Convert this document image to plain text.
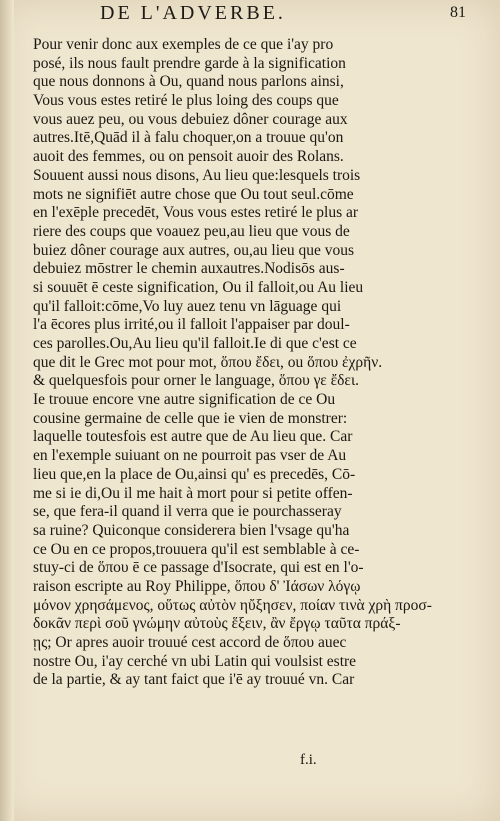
DE L'ADVERBE.	81
Pour venir donc aux exemples de ce que i'ay pro
posé, ils nous fault prendre garde à la signification
que nous donnons à Ou, quand nous parlons ainsi,
Vous vous estes retiré le plus loing des coups que
vous auez peu, ou vous debuiez dôner courage aux
autres.Itē,Quād il à falu choquer,on a trouue qu'on
auoit des femmes, ou on pensoit auoir des Rolans.
Souuent aussi nous disons, Au lieu que:lesquels trois
mots ne signifiēt autre chose que Ou tout seul.cōme
en l'exēple precedēt, Vous vous estes retiré le plus ar
riere des coups que voauez peu,au lieu que vous de
buiez dôner courage aux autres, ou,au lieu que vous
debuiez mōstrer le chemin auxautres.Nodisōs aus-
si souuēt ē ceste signification, Ou il falloit,ou Au lieu
qu'il falloit:cōme,Vo luy auez tenu vn lāguage qui
l'a ēcores plus irrité,ou il falloit l'appaiser par doul-
ces parolles.Ou,Au lieu qu'il falloit.Ie di que c'est ce
que dit le Grec mot pour mot, ὅπου ἔδει, ou ὅπου ἐχρῆν.
& quelquesfois pour orner le language, ὅπου γε ἔδει.
Ie trouue encore vne autre signification de ce Ou
cousine germaine de celle que ie vien de monstrer:
laquelle toutesfois est autre que de Au lieu que. Car
en l'exemple suiuant on ne pourroit pas vser de Au
lieu que,en la place de Ou,ainsi qu' es precedēs, Cō-
me si ie di,Ou il me hait à mort pour si petite offen-
se, que fera-il quand il verra que ie pourchasseray
sa ruine? Quiconque considerera bien l'vsage qu'ha
ce Ou en ce propos,trouuera qu'il est semblable à ce-
stuy-ci de ὅπου ē ce passage d'Isocrate, qui est en l'o-
raison escripte au Roy Philippe, ὅπου δ' Ἰάσων λόγῳ
μόνον χρησάμενος, οὕτως αὐτὸν ηὔξησεν, ποίαν τινὰ χρὴ προσ-
δοκᾶν περὶ σοῦ γνώμην αὐτοὺς ἕξειν, ἂν ἔργῳ ταῦτα πράξ-
ῃς; Or apres auoir trouué cest accord de ὅπου auec
nostre Ou, i'ay cerché vn ubi Latin qui voulsist estre
de la partie, & ay tant faict que i'ē ay trouué vn. Car
f.i.
